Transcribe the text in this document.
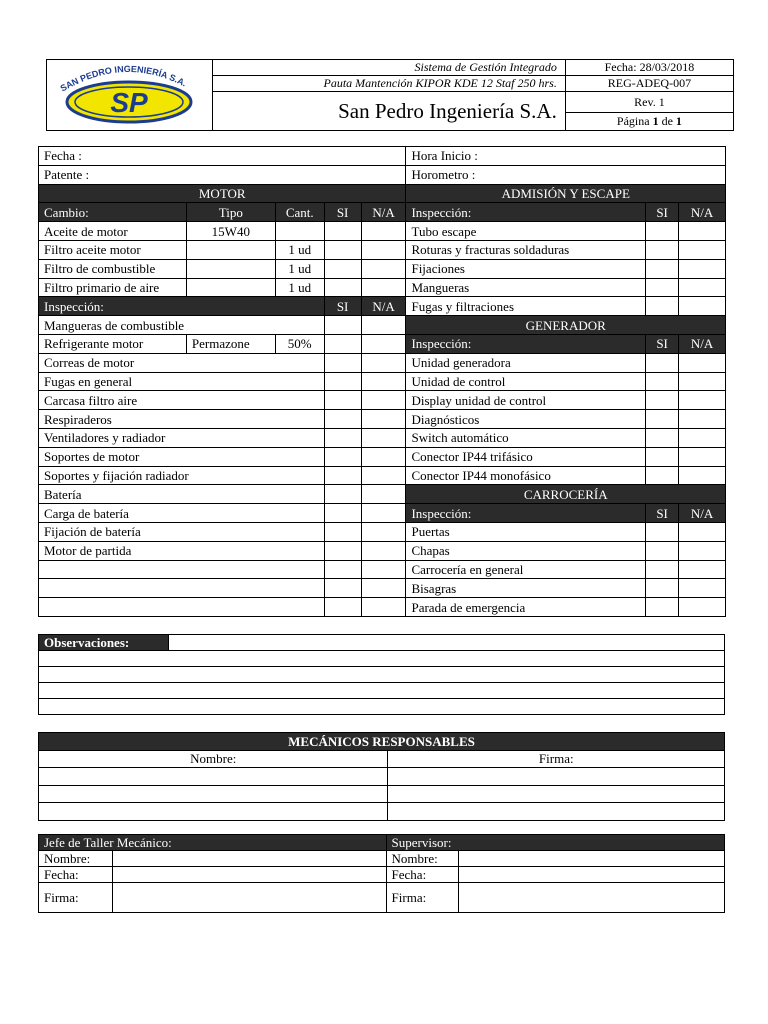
SAN PEDRO INGENIERÍA S.A.
SP	Sistema de Gestión Integrado	Fecha: 28/03/2018
	Pauta Mantención KIPOR KDE 12 Staf 250 hrs.	REG-ADEQ-007
	San Pedro Ingeniería S.A.	Rev. 1
		Página 1 de 1
Fecha :					Hora Inicio :		
Patente :					Horometro :		
MOTOR					ADMISIÓN Y ESCAPE		
Cambio:	Tipo	Cant.	SI	N/A	Inspección:	SI	N/A
Aceite de motor	15W40				Tubo escape		
Filtro aceite motor		1 ud			Roturas y fracturas soldaduras		
Filtro de combustible		1 ud			Fijaciones		
Filtro primario de aire		1 ud			Mangueras		
Inspección:			SI	N/A	Fugas y filtraciones		
Mangueras de combustible					GENERADOR		
Refrigerante motor	Permazone	50%			Inspección:	SI	N/A
Correas de motor					Unidad generadora		
Fugas en general					Unidad de control		
Carcasa filtro aire					Display unidad de control		
Respiraderos					Diagnósticos		
Ventiladores y radiador					Switch automático		
Soportes de motor					Conector IP44 trifásico		
Soportes y fijación radiador					Conector IP44 monofásico		
Batería					CARROCERÍA		
Carga de batería					Inspección:	SI	N/A
Fijación de batería					Puertas		
Motor de partida					Chapas		
					Carrocería en general		
					Bisagras		
					Parada de emergencia		
Observaciones:	

MECÁNICOS RESPONSABLES	
Nombre:	Firma:

Jefe de Taller Mecánico:		Supervisor:	
Nombre:		Nombre:	
Fecha:		Fecha:	
Firma:		Firma:	
